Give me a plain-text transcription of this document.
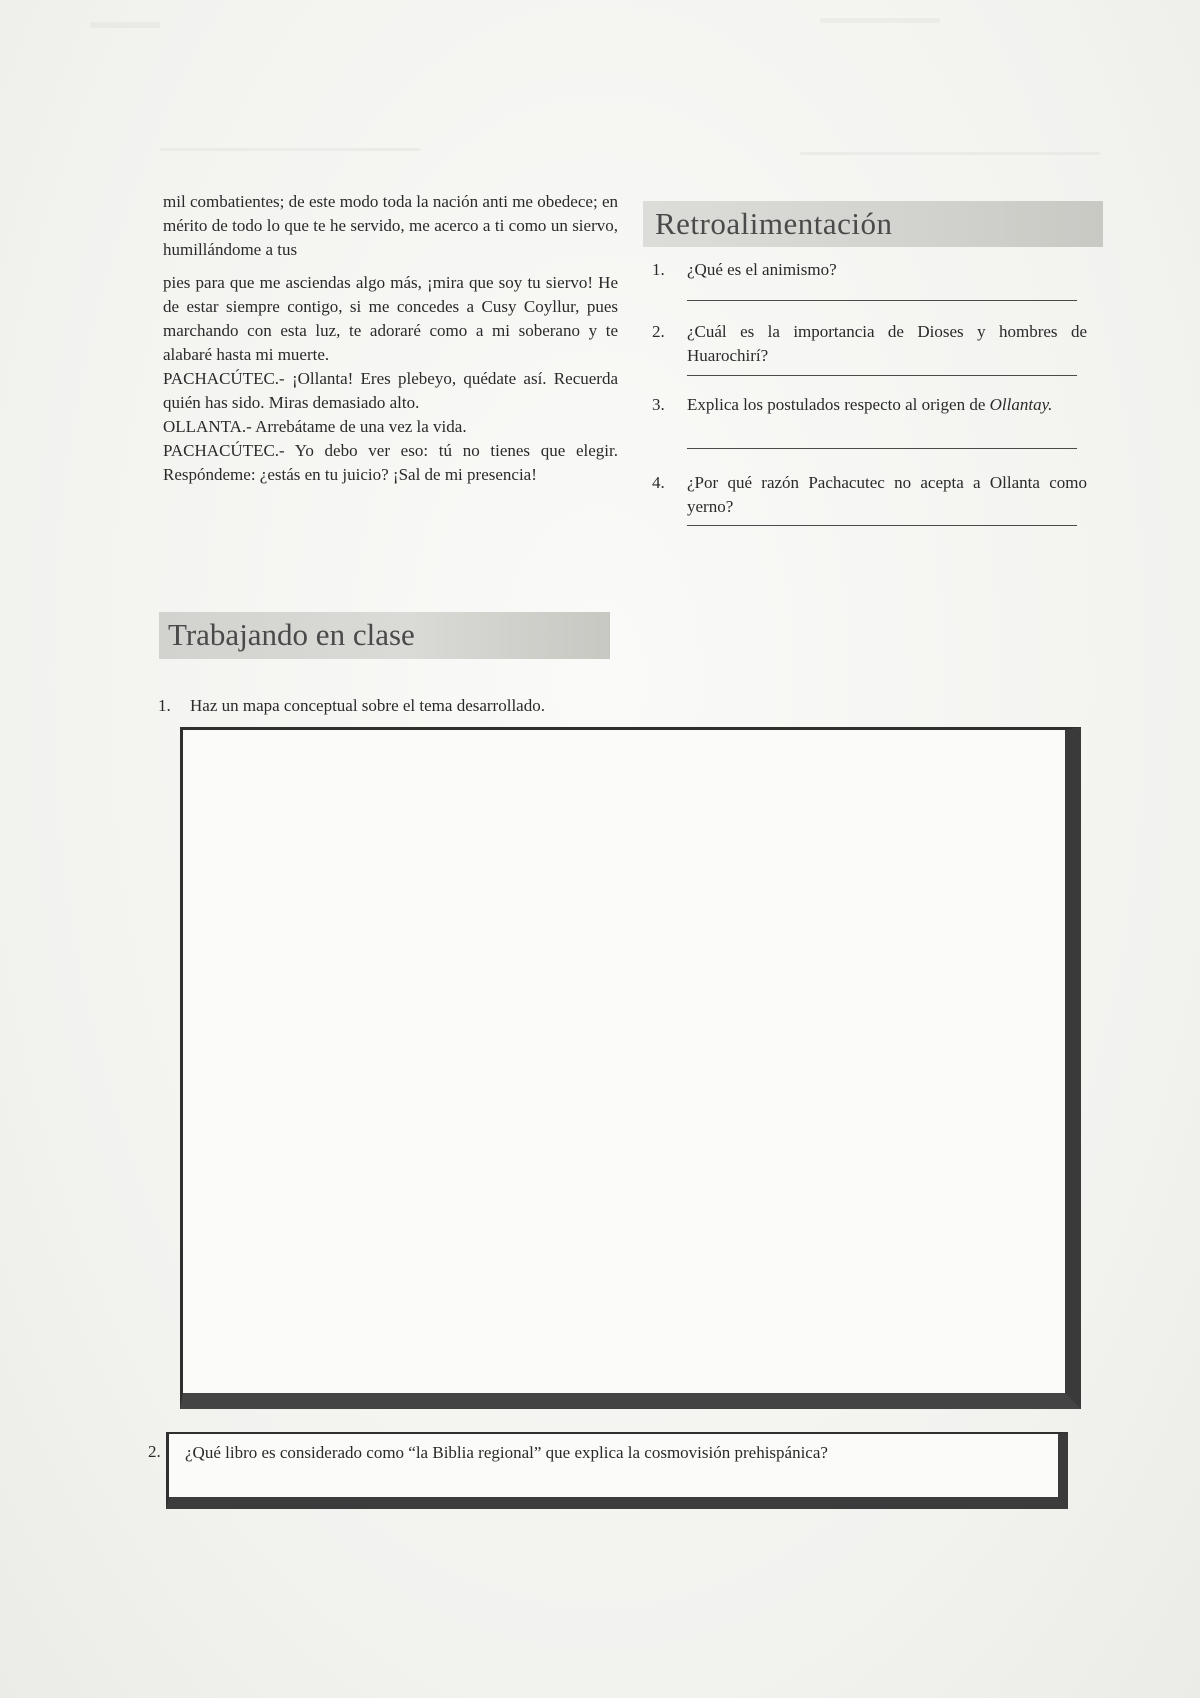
mil combatientes; de este modo toda la nación anti me obedece; en mérito de todo lo que te he servido, me acerco a ti como un siervo, humillándome a tus

pies para que me asciendas algo más, ¡mira que soy tu siervo! He de estar siempre contigo, si me concedes a Cusy Coyllur, pues marchando con esta luz, te adoraré como a mi soberano y te alabaré hasta mi muerte.

PACHACÚTEC.- ¡Ollanta! Eres plebeyo, quédate así. Recuerda quién has sido. Miras demasiado alto.

OLLANTA.- Arrebátame de una vez la vida.

PACHACÚTEC.- Yo debo ver eso: tú no tienes que elegir. Respóndeme: ¿estás en tu juicio? ¡Sal de mi presencia!

Retroalimentación
1. ¿Qué es el animismo?
2. ¿Cuál es la importancia de Dioses y hombres de Huarochirí?
3. Explica los postulados respecto al origen de Ollantay.
4. ¿Por qué razón Pachacutec no acepta a Ollanta como yerno?
Trabajando en clase
1. Haz un mapa conceptual sobre el tema desarrollado.
2. ¿Qué libro es considerado como “la Biblia regional” que explica la cosmovisión prehispánica?
